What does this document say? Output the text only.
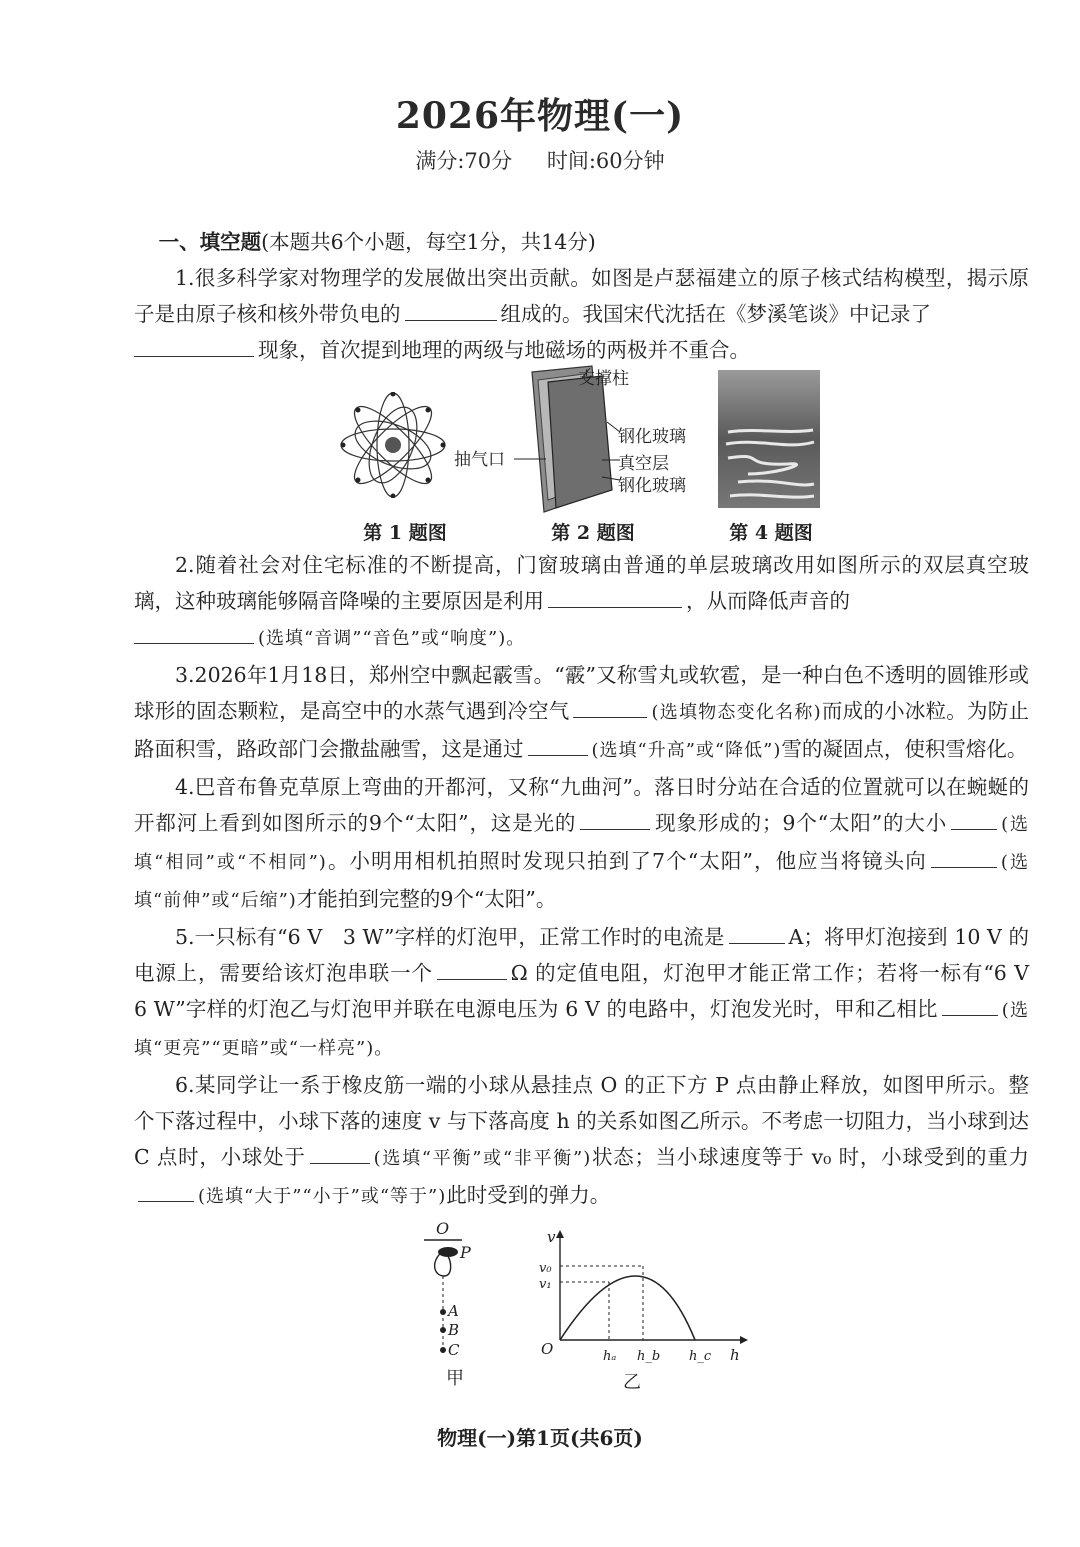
2026年物理(一)
满分:70分 时间:60分钟

一、填空题(本题共6个小题，每空1分，共14分)

1.很多科学家对物理学的发展做出突出贡献。如图是卢瑟福建立的原子核式结构模型，揭示原子是由原子核和核外带负电的	组成的。我国宋代沈括在《梦溪笔谈》中记录了
现象，首次提到地理的两级与地磁场的两极并不重合。

支撑柱
钢化玻璃
抽气口	真空层
钢化玻璃
第 1 题图	第 2 题图	第 4 题图

2.随着社会对住宅标准的不断提高，门窗玻璃由普通的单层玻璃改用如图所示的双层真空玻璃，这种玻璃能够隔音降噪的主要原因是利用	，从而降低声音的
(选填“音调”“音色”或“响度”)。

3.2026年1月18日，郑州空中飘起霰雪。“霰”又称雪丸或软雹，是一种白色不透明的圆锥形或球形的固态颗粒，是高空中的水蒸气遇到冷空气	(选填物态变化名称)而成的小冰粒。为防止路面积雪，路政部门会撒盐融雪，这是通过	(选填“升高”或“降低”)雪的凝固点，使积雪熔化。

4.巴音布鲁克草原上弯曲的开都河，又称“九曲河”。落日时分站在合适的位置就可以在蜿蜒的开都河上看到如图所示的9个“太阳”，这是光的	现象形成的；9个“太阳”的大小	(选填“相同”或“不相同”)。小明用相机拍照时发现只拍到了7个“太阳”，他应当将镜头向	(选填“前伸”或“后缩”)才能拍到完整的9个“太阳”。

5.一只标有“6 V　3 W”字样的灯泡甲，正常工作时的电流是	A；将甲灯泡接到 10 V 的电源上，需要给该灯泡串联一个	Ω 的定值电阻，灯泡甲才能正常工作；若将一标有“6 V　6 W”字样的灯泡乙与灯泡甲并联在电源电压为 6 V 的电路中，灯泡发光时，甲和乙相比	(选填“更亮”“更暗”或“一样亮”)。

6.某同学让一系于橡皮筋一端的小球从悬挂点 O 的正下方 P 点由静止释放，如图甲所示。整个下落过程中，小球下落的速度 v 与下落高度 h 的关系如图乙所示。不考虑一切阻力，当小球到达 C 点时，小球处于	(选填“平衡”或“非平衡”)状态；当小球速度等于 v₀ 时，小球受到的重力(选填“大于”“小于”或“等于”)此时受到的弹力。

O
P
A
B
C
甲
v
h
O
v₀
v₁
hₐ h_b h_c
乙
物理(一)第1页(共6页)
